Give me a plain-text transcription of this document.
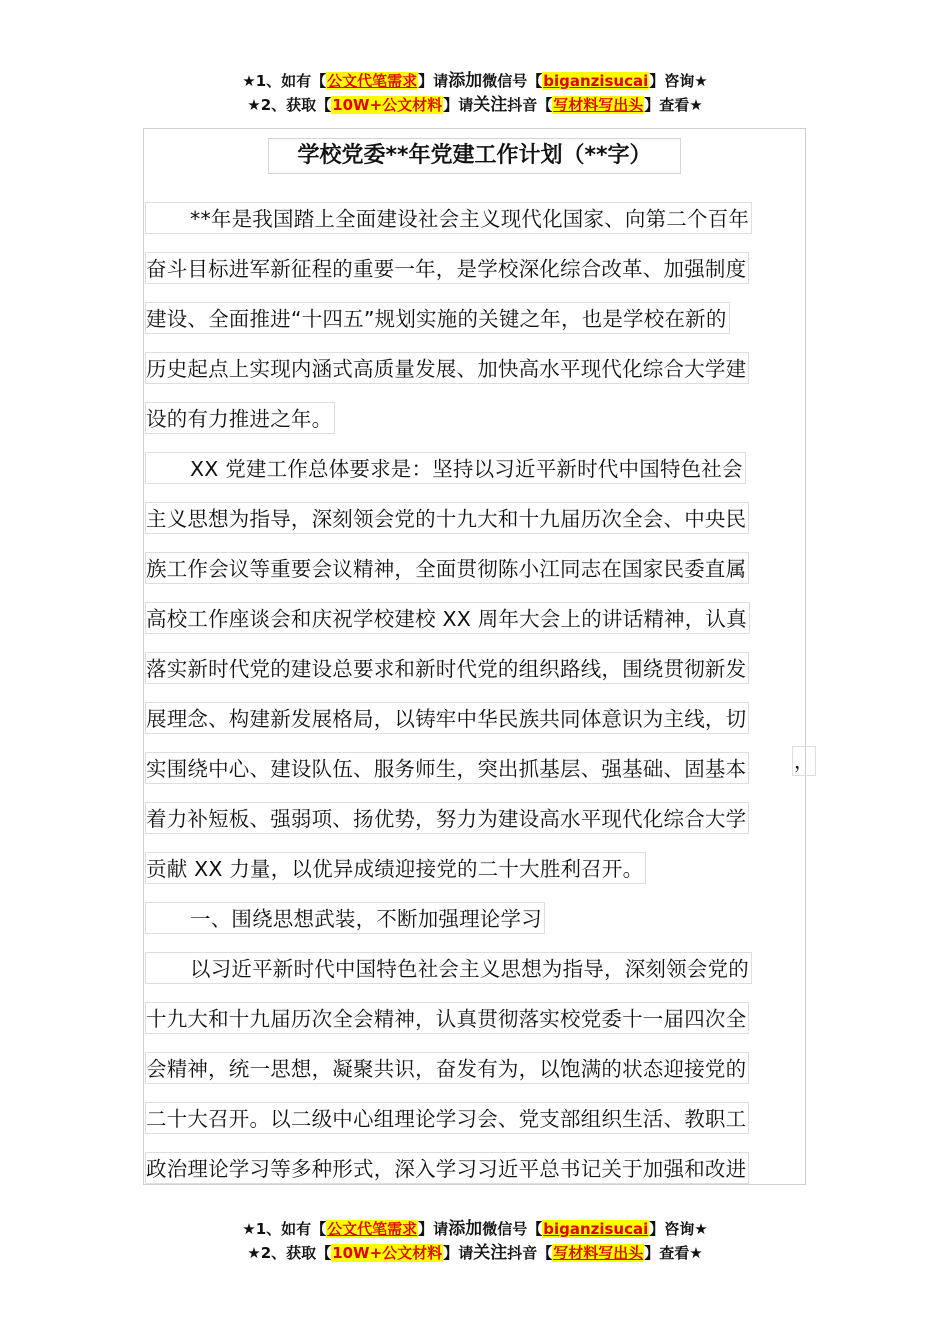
★1、如有【公文代笔需求】请添加微信号【biganzisucai】咨询★
★2、获取【10W+公文材料】请关注抖音【写材料写出头】查看★
学校党委**年党建工作计划（**字）
**年是我国踏上全面建设社会主义现代化国家、向第二个百年
奋斗目标进军新征程的重要一年，是学校深化综合改革、加强制度
建设、全面推进“十四五”规划实施的关键之年，也是学校在新的
历史起点上实现内涵式高质量发展、加快高水平现代化综合大学建
设的有力推进之年。
XX 党建工作总体要求是：坚持以习近平新时代中国特色社会
主义思想为指导，深刻领会党的十九大和十九届历次全会、中央民
族工作会议等重要会议精神，全面贯彻陈小江同志在国家民委直属
高校工作座谈会和庆祝学校建校 XX 周年大会上的讲话精神，认真
落实新时代党的建设总要求和新时代党的组织路线，围绕贯彻新发
展理念、构建新发展格局，以铸牢中华民族共同体意识为主线，切
实围绕中心、建设队伍、服务师生，突出抓基层、强基础、固基本
着力补短板、强弱项、扬优势，努力为建设高水平现代化综合大学
贡献 XX 力量，以优异成绩迎接党的二十大胜利召开。
一、围绕思想武装，不断加强理论学习
以习近平新时代中国特色社会主义思想为指导，深刻领会党的
十九大和十九届历次全会精神，认真贯彻落实校党委十一届四次全
会精神，统一思想，凝聚共识，奋发有为，以饱满的状态迎接党的
二十大召开。以二级中心组理论学习会、党支部组织生活、教职工
政治理论学习等多种形式，深入学习习近平总书记关于加强和改进
，
★1、如有【公文代笔需求】请添加微信号【biganzisucai】咨询★
★2、获取【10W+公文材料】请关注抖音【写材料写出头】查看★
